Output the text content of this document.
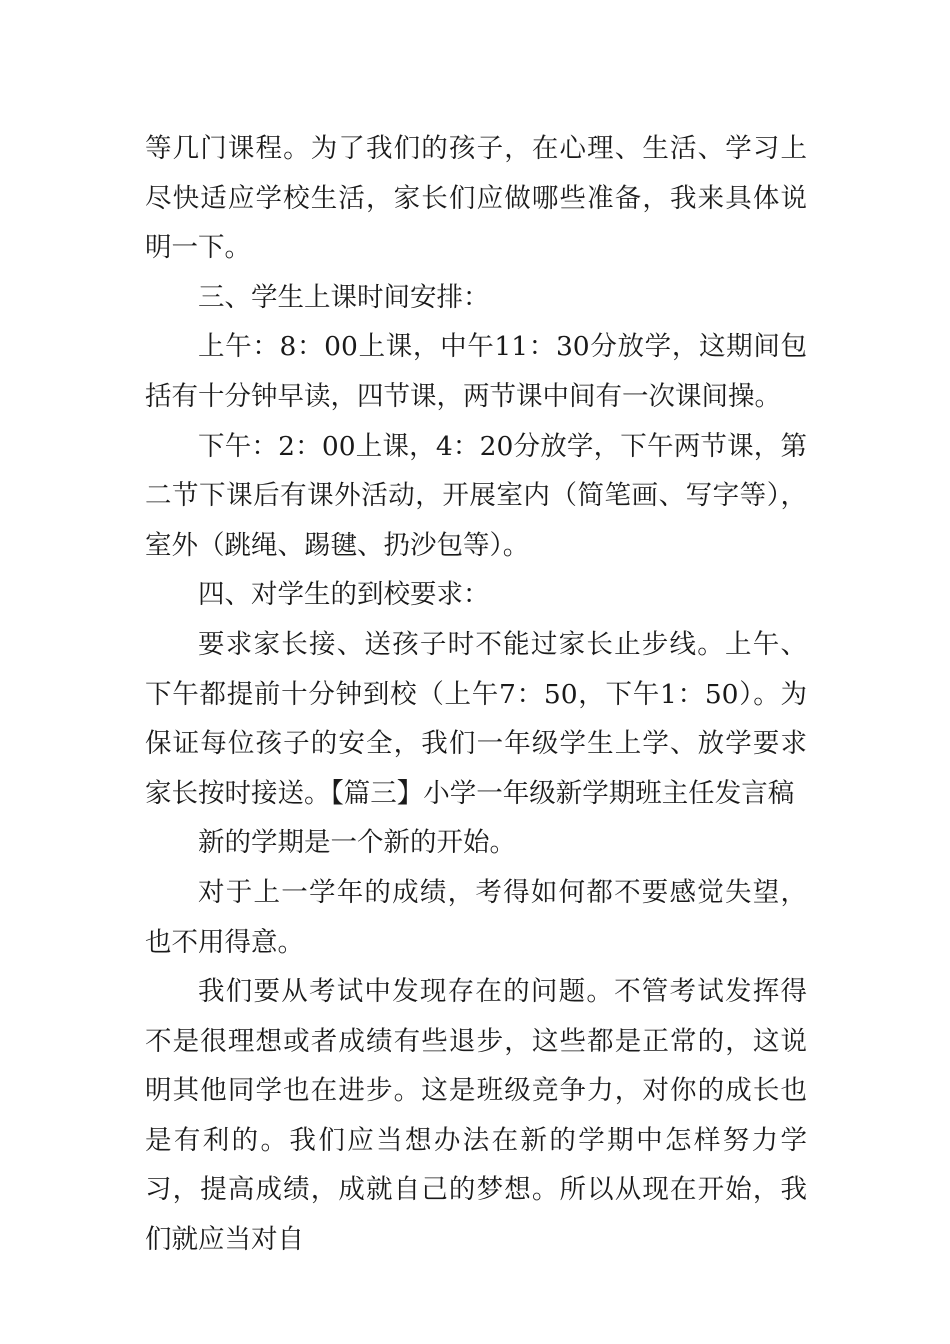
等几门课程。为了我们的孩子，在心理、生活、学习上尽快适应学校生活，家长们应做哪些准备，我来具体说明一下。

三、学生上课时间安排：

上午：8：00上课，中午11：30分放学，这期间包括有十分钟早读，四节课，两节课中间有一次课间操。

下午：2：00上课，4：20分放学，下午两节课，第二节下课后有课外活动，开展室内（简笔画、写字等），室外（跳绳、踢毽、扔沙包等）。

四、对学生的到校要求：

要求家长接、送孩子时不能过家长止步线。上午、下午都提前十分钟到校（上午7：50，下午1：50）。为保证每位孩子的安全，我们一年级学生上学、放学要求家长按时接送。【篇三】小学一年级新学期班主任发言稿

新的学期是一个新的开始。

对于上一学年的成绩，考得如何都不要感觉失望，也不用得意。

我们要从考试中发现存在的问题。不管考试发挥得不是很理想或者成绩有些退步，这些都是正常的，这说明其他同学也在进步。这是班级竞争力，对你的成长也是有利的。我们应当想办法在新的学期中怎样努力学习，提高成绩，成就自己的梦想。所以从现在开始，我们就应当对自
